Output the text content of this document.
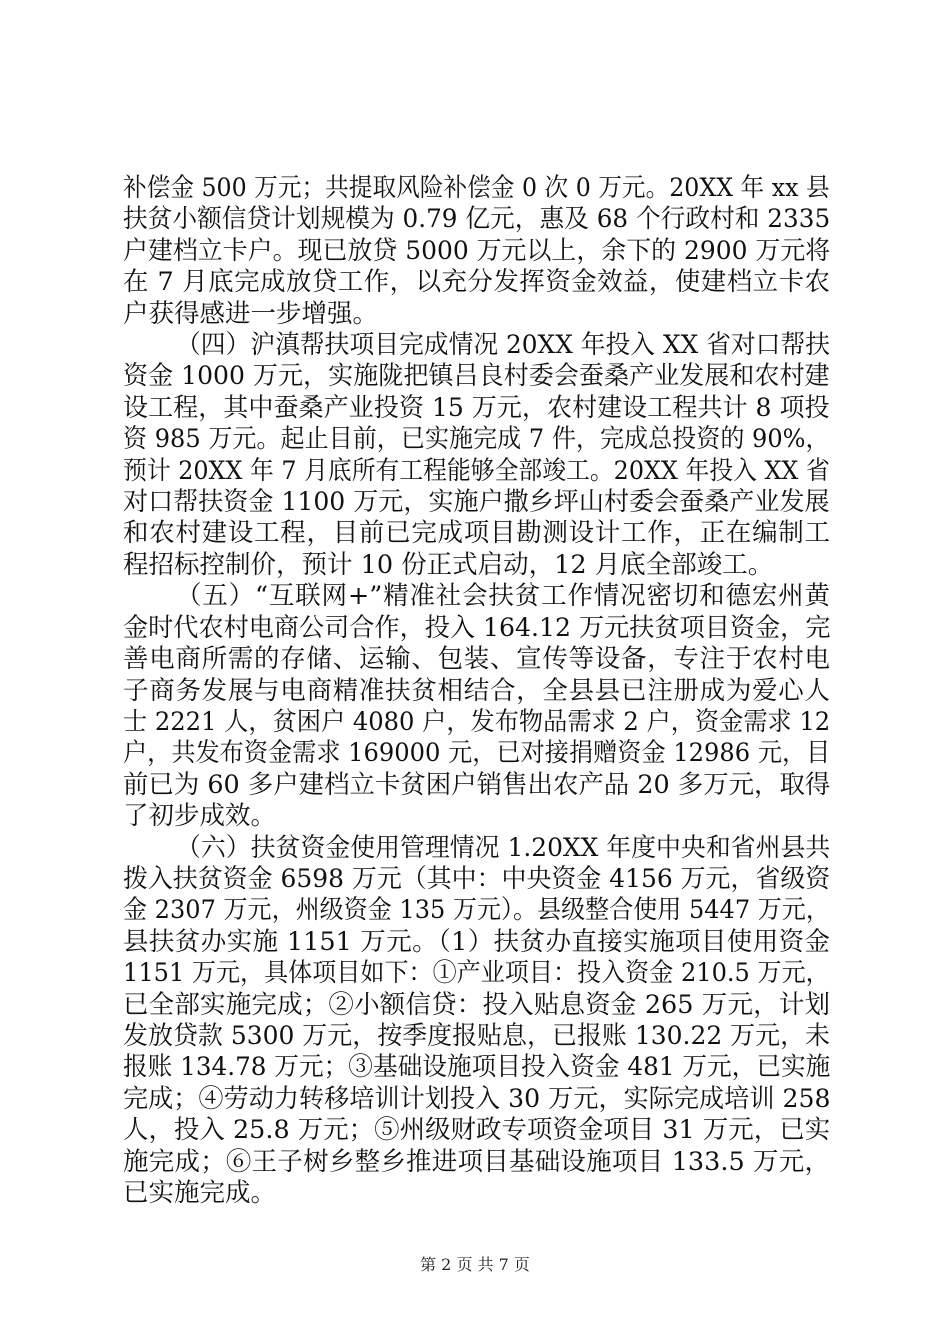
补偿金 500 万元；共提取风险补偿金 0 次 0 万元。20XX 年 xx 县
扶贫小额信贷计划规模为 0.79 亿元，惠及 68 个行政村和 2335
户建档立卡户。现已放贷 5000 万元以上，余下的 2900 万元将
在 7 月底完成放贷工作，以充分发挥资金效益，使建档立卡农
户获得感进一步增强。
（四）沪滇帮扶项目完成情况 20XX 年投入 XX 省对口帮扶
资金 1000 万元，实施陇把镇吕良村委会蚕桑产业发展和农村建
设工程，其中蚕桑产业投资 15 万元，农村建设工程共计 8 项投
资 985 万元。起止目前，已实施完成 7 件，完成总投资的 90%，
预计 20XX 年 7 月底所有工程能够全部竣工。20XX 年投入 XX 省
对口帮扶资金 1100 万元，实施户撒乡坪山村委会蚕桑产业发展
和农村建设工程，目前已完成项目勘测设计工作，正在编制工
程招标控制价，预计 10 份正式启动，12 月底全部竣工。
（五）“互联网+”精准社会扶贫工作情况密切和德宏州黄
金时代农村电商公司合作，投入 164.12 万元扶贫项目资金，完
善电商所需的存储、运输、包装、宣传等设备，专注于农村电
子商务发展与电商精准扶贫相结合，全县县已注册成为爱心人
士 2221 人，贫困户 4080 户，发布物品需求 2 户，资金需求 12
户，共发布资金需求 169000 元，已对接捐赠资金 12986 元，目
前已为 60 多户建档立卡贫困户销售出农产品 20 多万元，取得
了初步成效。
（六）扶贫资金使用管理情况 1.20XX 年度中央和省州县共
拨入扶贫资金 6598 万元（其中：中央资金 4156 万元，省级资
金 2307 万元，州级资金 135 万元）。县级整合使用 5447 万元，
县扶贫办实施 1151 万元。（1）扶贫办直接实施项目使用资金
1151 万元，具体项目如下：①产业项目：投入资金 210.5 万元，
已全部实施完成；②小额信贷：投入贴息资金 265 万元，计划
发放贷款 5300 万元，按季度报贴息，已报账 130.22 万元，未
报账 134.78 万元；③基础设施项目投入资金 481 万元，已实施
完成；④劳动力转移培训计划投入 30 万元，实际完成培训 258
人，投入 25.8 万元；⑤州级财政专项资金项目 31 万元，已实
施完成；⑥王子树乡整乡推进项目基础设施项目 133.5 万元，
已实施完成。
第 2 页 共 7 页
